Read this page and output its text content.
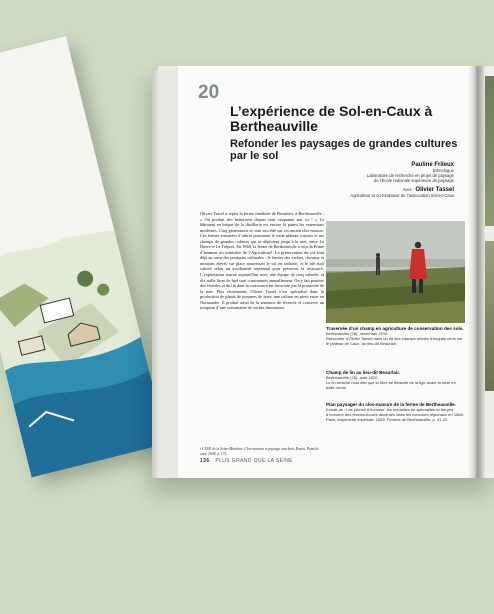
20
L’expérience de Sol-en-Caux à Bertheauville
Refonder les paysages de grandes cultures par le sol
Pauline Frileux
Ethnologue
Laboratoire de recherche en projet de paysage
de l’École nationale supérieure de paysage
Avec : Olivier Tassel
Agriculteur et co-fondateur de l’association Sol-en-Caux
Olivier Tassel a repris la ferme familiale de Beaurlair, à Bertheauville : « On produit des betteraves depuis cent cinquante ans ici ! » Le bâtiment en brique de la distillerie est encore là parmi les extensions modernes. Cinq générations se sont succédé sur cet ancien clos-masure. Ces fermes entourées d’arbres ponctuent le vaste plateau crayeux et ses champs de grandes cultures qui se déploient jusqu’à la mer, entre Le Havre et Le Tréport. En 1868, la ferme de Bertheauville a reçu la Prime d’honneur du ministère de l’Agriculture¹. La préservation du sol était déjà au cœur des pratiques culturales : le fumier des vaches, chevaux et moutons élevés sur place nourrissait le sol en carbone, et le blé était cultivé selon un assolement septennal pour préserver la ressource. L’exploitation tourne aujourd’hui avec une équipe de cinq salariés, et dix mille litres de fuel sont consommés annuellement. On y fait pousser des céréales et du lin dont la croissance est favorisée par la proximité de la mer. Plus récemment, Olivier Tassel s’est spécialisé dans la production de plants de pommes de terre, une culture en plein essor en Normandie. Il produit aussi de la semence de féverole et conserve un troupeau d’une soixantaine de vaches limousines.
¹ CAUE de la Seine-Maritime, Clos-masures et paysage cauchois, Rouen, Point de vues, 2008, p. 175.
Traversée d’un champ en agriculture de conservation des sols.
Bertheauville (76), novembre 2019.
Rencontre d’Olivier Tassel dans un de ses champs semés d’engrais verts sur le plateau de Caux, au lieu-dit Beaurlair.
Champ de lin au lieu-dit Beaurlair.
Bertheauville (76), août 2020.
Le lin arraché rouit afin que la fibre se détache de la tige avant la mise en balle ronde.
Plan paysager du clos-masure de la ferme de Bertheauville.
Extrait de : Les primes d’honneur, les médailles de spécialités et les prix d’honneur des fermes-écoles décernés dans les concours régionaux en 1868, Paris, Imprimerie impériale, 1869, Fermes de Bertheauville, p. 41-42.
136 PLUS GRAND QUE LA SEINE
